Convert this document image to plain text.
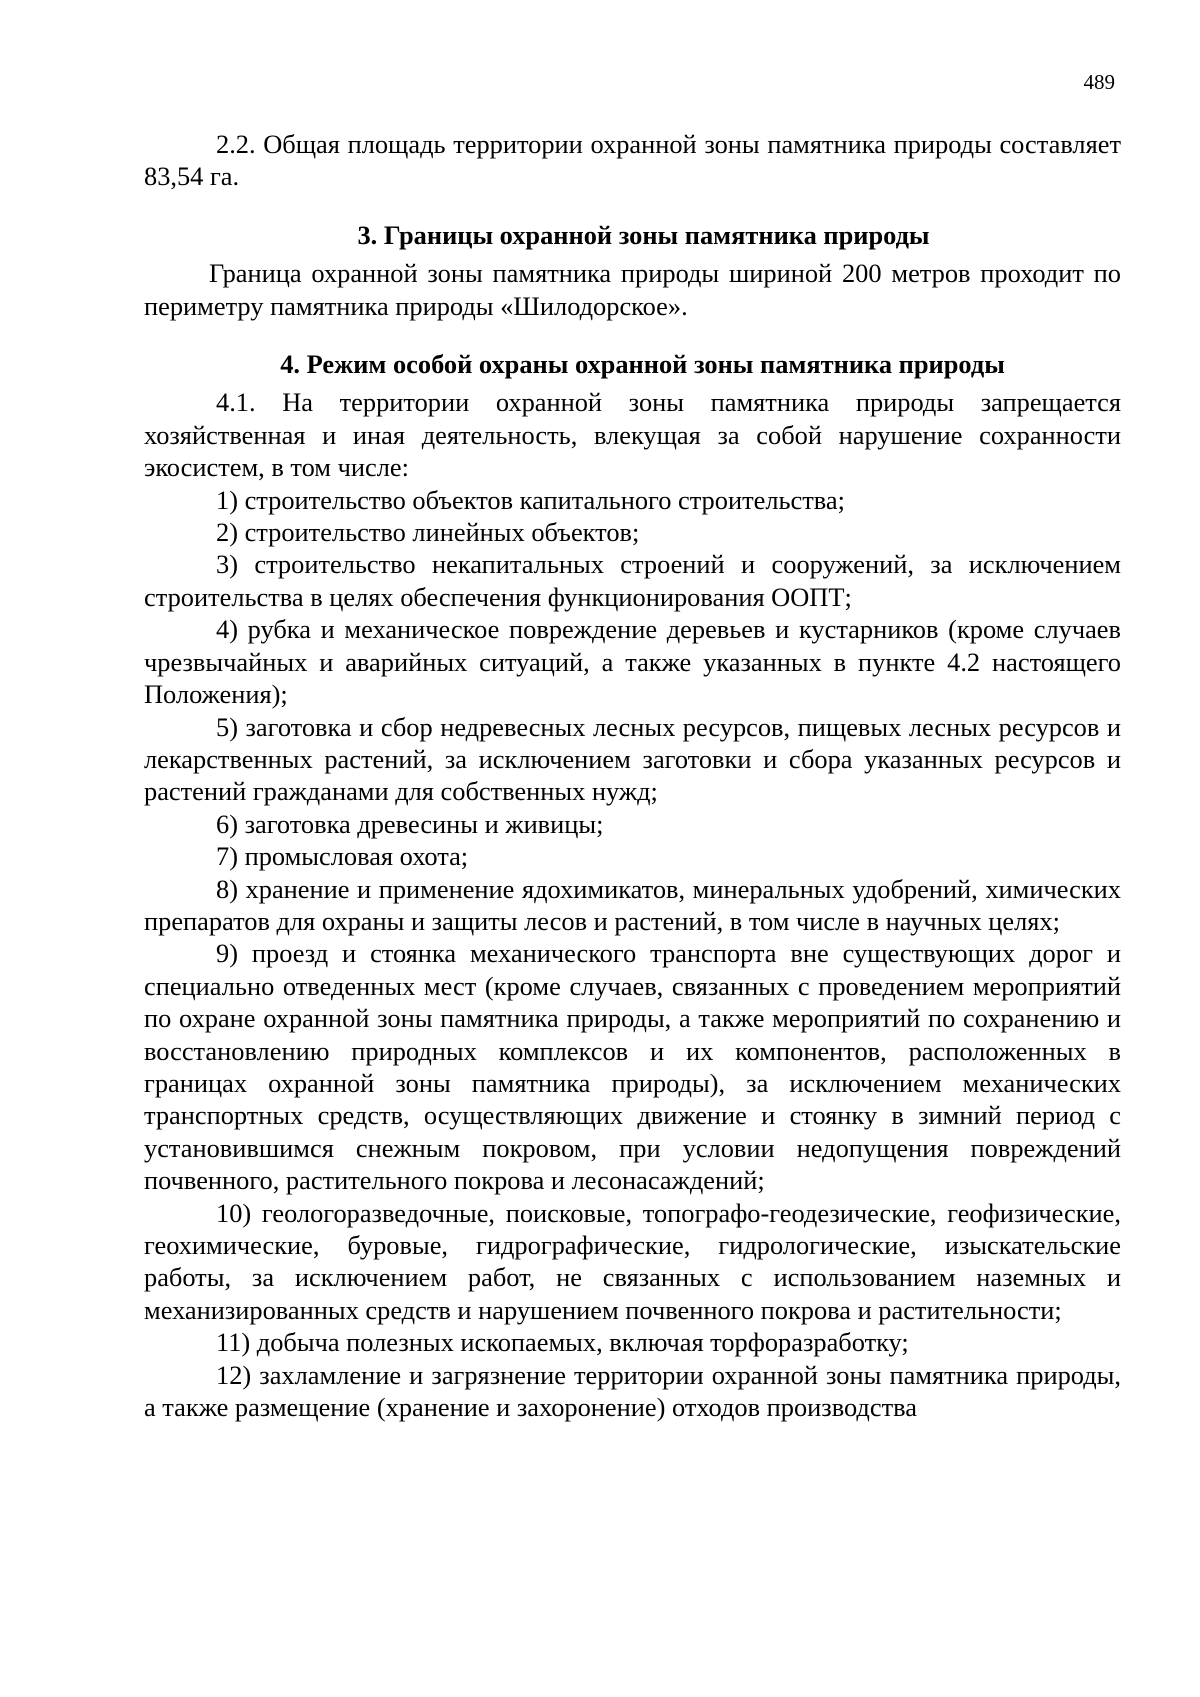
489

2.2. Общая площадь территории охранной зоны памятника природы составляет 83,54 га.

3. Границы охранной зоны памятника природы

Граница охранной зоны памятника природы шириной 200 метров проходит по периметру памятника природы «Шилодорское».

4. Режим особой охраны охранной зоны памятника природы

4.1. На территории охранной зоны памятника природы запрещается хозяйственная и иная деятельность, влекущая за собой нарушение сохранности экосистем, в том числе:

1) строительство объектов капитального строительства;

2) строительство линейных объектов;

3) строительство некапитальных строений и сооружений, за исключением строительства в целях обеспечения функционирования ООПТ;

4) рубка и механическое повреждение деревьев и кустарников (кроме случаев чрезвычайных и аварийных ситуаций, а также указанных в пункте 4.2 настоящего Положения);

5) заготовка и сбор недревесных лесных ресурсов, пищевых лесных ресурсов и лекарственных растений, за исключением заготовки и сбора указанных ресурсов и растений гражданами для собственных нужд;

6) заготовка древесины и живицы;

7) промысловая охота;

8) хранение и применение ядохимикатов, минеральных удобрений, химических препаратов для охраны и защиты лесов и растений, в том числе в научных целях;

9) проезд и стоянка механического транспорта вне существующих дорог и специально отведенных мест (кроме случаев, связанных с проведением мероприятий по охране охранной зоны памятника природы, а также мероприятий по сохранению и восстановлению природных комплексов и их компонентов, расположенных в границах охранной зоны памятника природы), за исключением механических транспортных средств, осуществляющих движение и стоянку в зимний период с установившимся снежным покровом, при условии недопущения повреждений почвенного, растительного покрова и лесонасаждений;

10) геологоразведочные, поисковые, топографо-геодезические, геофизические, геохимические, буровые, гидрографические, гидрологические, изыскательские работы, за исключением работ, не связанных с использованием наземных и механизированных средств и нарушением почвенного покрова и растительности;

11) добыча полезных ископаемых, включая торфоразработку;

12) захламление и загрязнение территории охранной зоны памятника природы, а также размещение (хранение и захоронение) отходов производства
